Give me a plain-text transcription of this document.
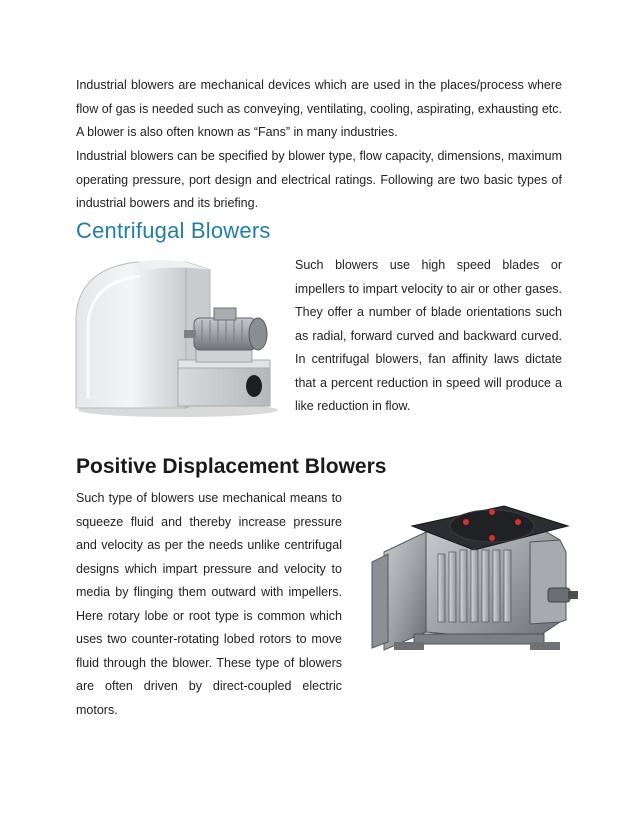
Industrial blowers are mechanical devices which are used in the places/process where flow of gas is needed such as conveying, ventilating, cooling, aspirating, exhausting etc. A blower is also often known as “Fans” in many industries.

Industrial blowers can be specified by blower type, flow capacity, dimensions, maximum operating pressure, port design and electrical ratings. Following are two basic types of industrial bowers and its briefing.

Centrifugal Blowers

Such blowers use high speed blades or impellers to impart velocity to air or other gases. They offer a number of blade orientations such as radial, forward curved and backward curved. In centrifugal blowers, fan affinity laws dictate that a percent reduction in speed will produce a like reduction in flow.

Positive Displacement Blowers

Such type of blowers use mechanical means to squeeze fluid and thereby increase pressure and velocity as per the needs unlike centrifugal designs which impart pressure and velocity to media by flinging them outward with impellers. Here rotary lobe or root type is common which uses two counter-rotating lobed rotors to move fluid through the blower. These type of blowers are often driven by direct-coupled electric motors.
